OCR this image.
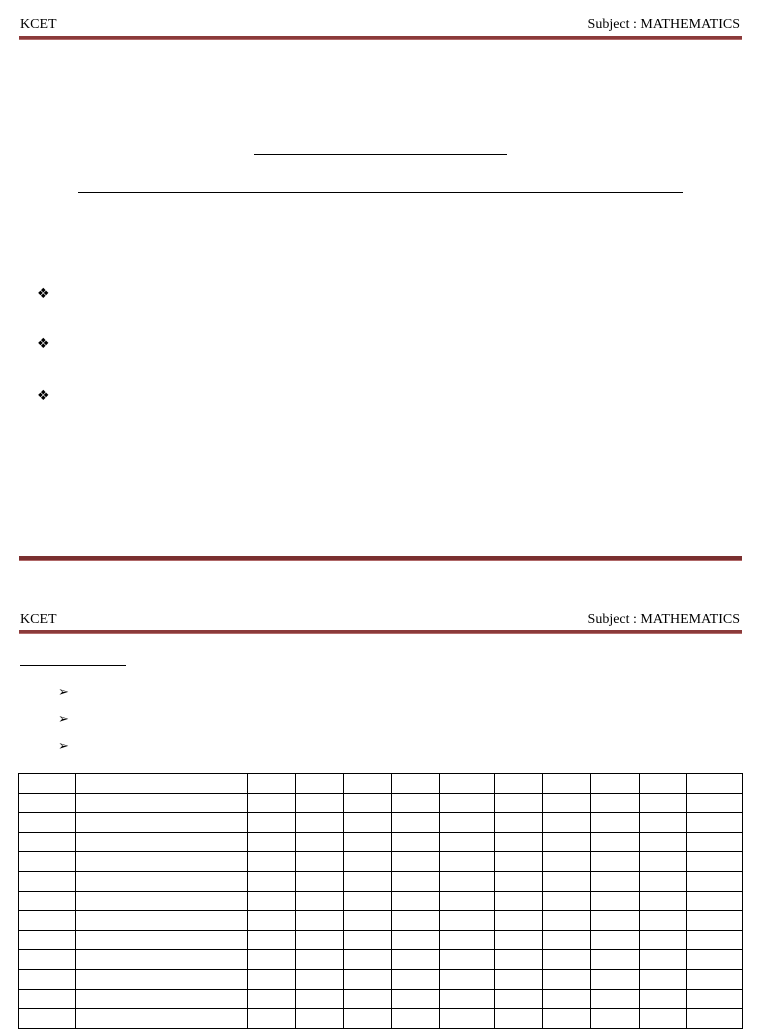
KCET	Subject : MATHEMATICS
❖
❖
❖
KCET	Subject : MATHEMATICS
➢
➢
➢
